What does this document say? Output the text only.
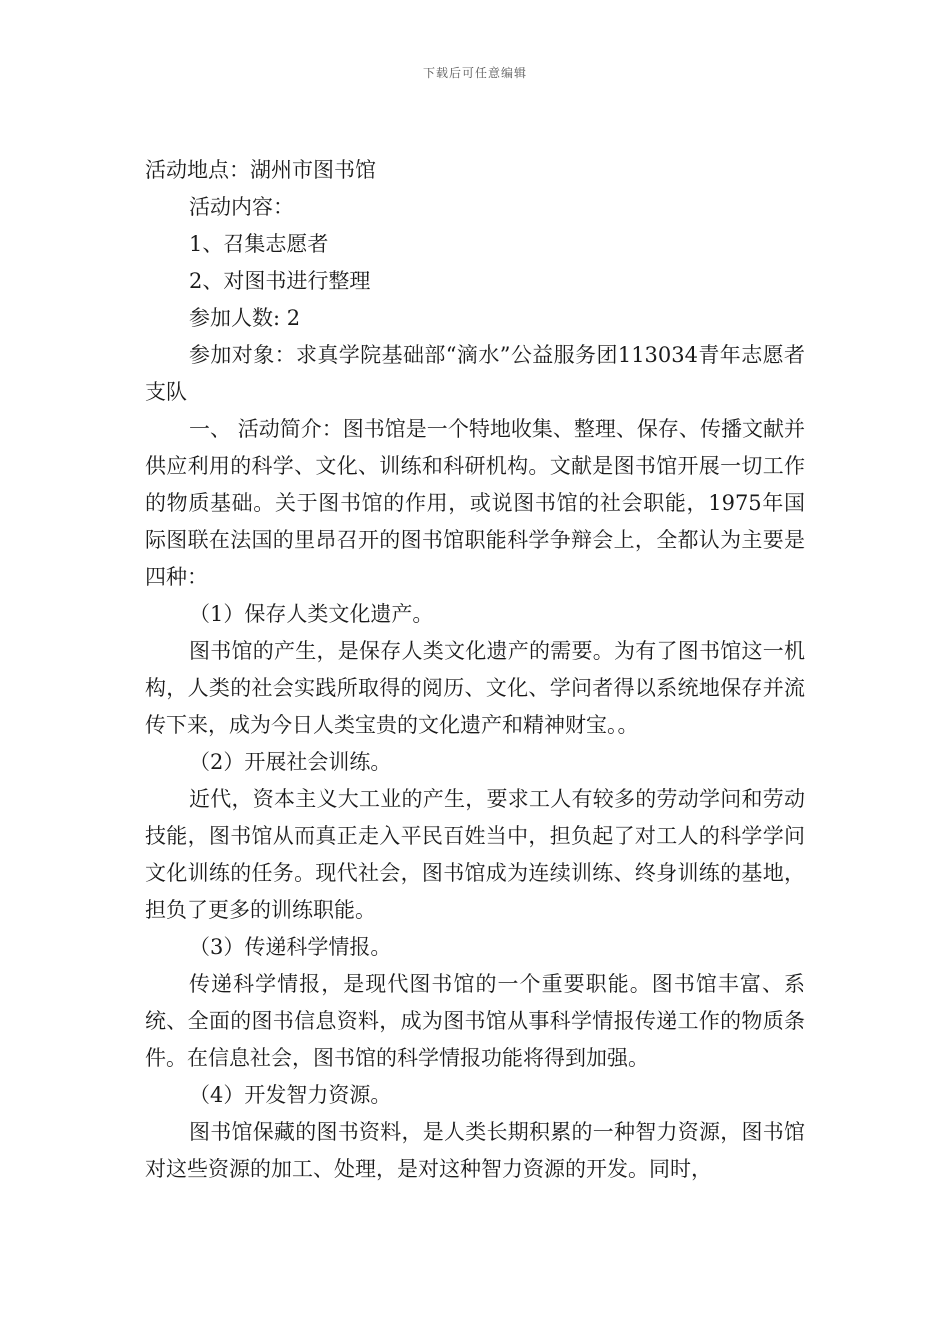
下载后可任意编辑

活动地点：湖州市图书馆

活动内容：

1、召集志愿者

2、对图书进行整理

参加人数: 2

参加对象：求真学院基础部“滴水”公益服务团113034青年志愿者支队

一、 活动简介：图书馆是一个特地收集、整理、保存、传播文献并供应利用的科学、文化、训练和科研机构。文献是图书馆开展一切工作的物质基础。关于图书馆的作用，或说图书馆的社会职能，1975年国际图联在法国的里昂召开的图书馆职能科学争辩会上，全都认为主要是四种：

（1）保存人类文化遗产。

图书馆的产生，是保存人类文化遗产的需要。为有了图书馆这一机构，人类的社会实践所取得的阅历、文化、学问者得以系统地保存并流传下来，成为今日人类宝贵的文化遗产和精神财宝。。

（2）开展社会训练。

近代，资本主义大工业的产生，要求工人有较多的劳动学问和劳动技能，图书馆从而真正走入平民百姓当中，担负起了对工人的科学学问文化训练的任务。现代社会，图书馆成为连续训练、终身训练的基地，担负了更多的训练职能。

（3）传递科学情报。

传递科学情报，是现代图书馆的一个重要职能。图书馆丰富、系统、全面的图书信息资料，成为图书馆从事科学情报传递工作的物质条件。在信息社会，图书馆的科学情报功能将得到加强。

（4）开发智力资源。

图书馆保藏的图书资料，是人类长期积累的一种智力资源，图书馆对这些资源的加工、处理，是对这种智力资源的开发。同时，
